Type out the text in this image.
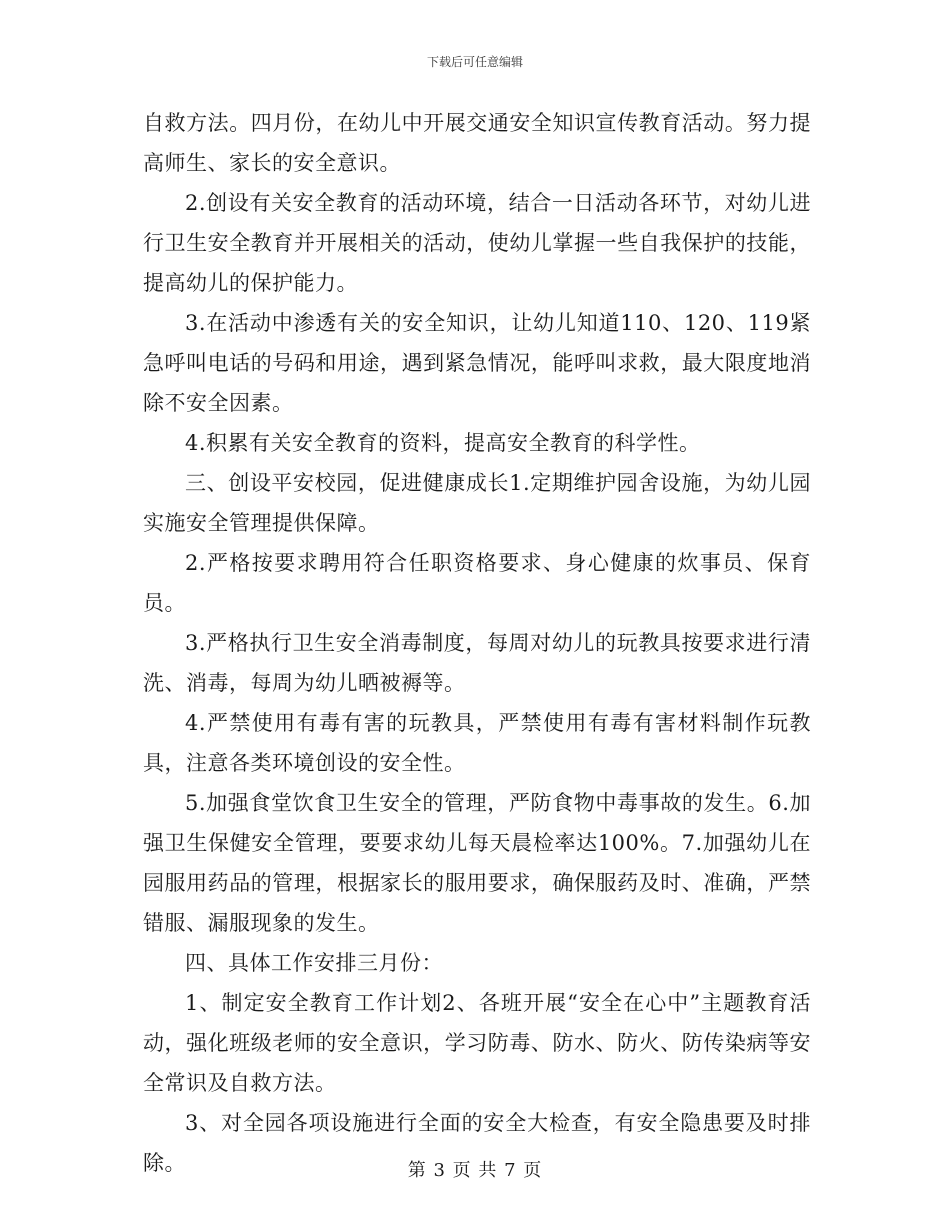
下载后可任意编辑

自救方法。四月份，在幼儿中开展交通安全知识宣传教育活动。努力提高师生、家长的安全意识。

2.创设有关安全教育的活动环境，结合一日活动各环节，对幼儿进行卫生安全教育并开展相关的活动，使幼儿掌握一些自我保护的技能，提高幼儿的保护能力。

3.在活动中渗透有关的安全知识，让幼儿知道110、120、119紧急呼叫电话的号码和用途，遇到紧急情况，能呼叫求救，最大限度地消除不安全因素。

4.积累有关安全教育的资料，提高安全教育的科学性。

三、创设平安校园，促进健康成长1.定期维护园舍设施，为幼儿园实施安全管理提供保障。

2.严格按要求聘用符合任职资格要求、身心健康的炊事员、保育员。

3.严格执行卫生安全消毒制度，每周对幼儿的玩教具按要求进行清洗、消毒，每周为幼儿晒被褥等。

4.严禁使用有毒有害的玩教具，严禁使用有毒有害材料制作玩教具，注意各类环境创设的安全性。

5.加强食堂饮食卫生安全的管理，严防食物中毒事故的发生。6.加强卫生保健安全管理，要要求幼儿每天晨检率达100%。7.加强幼儿在园服用药品的管理，根据家长的服用要求，确保服药及时、准确，严禁错服、漏服现象的发生。

四、具体工作安排三月份：

1、制定安全教育工作计划2、各班开展“安全在心中”主题教育活动，强化班级老师的安全意识，学习防毒、防水、防火、防传染病等安全常识及自救方法。

3、对全园各项设施进行全面的安全大检查，有安全隐患要及时排除。	第 3 页 共 7 页
